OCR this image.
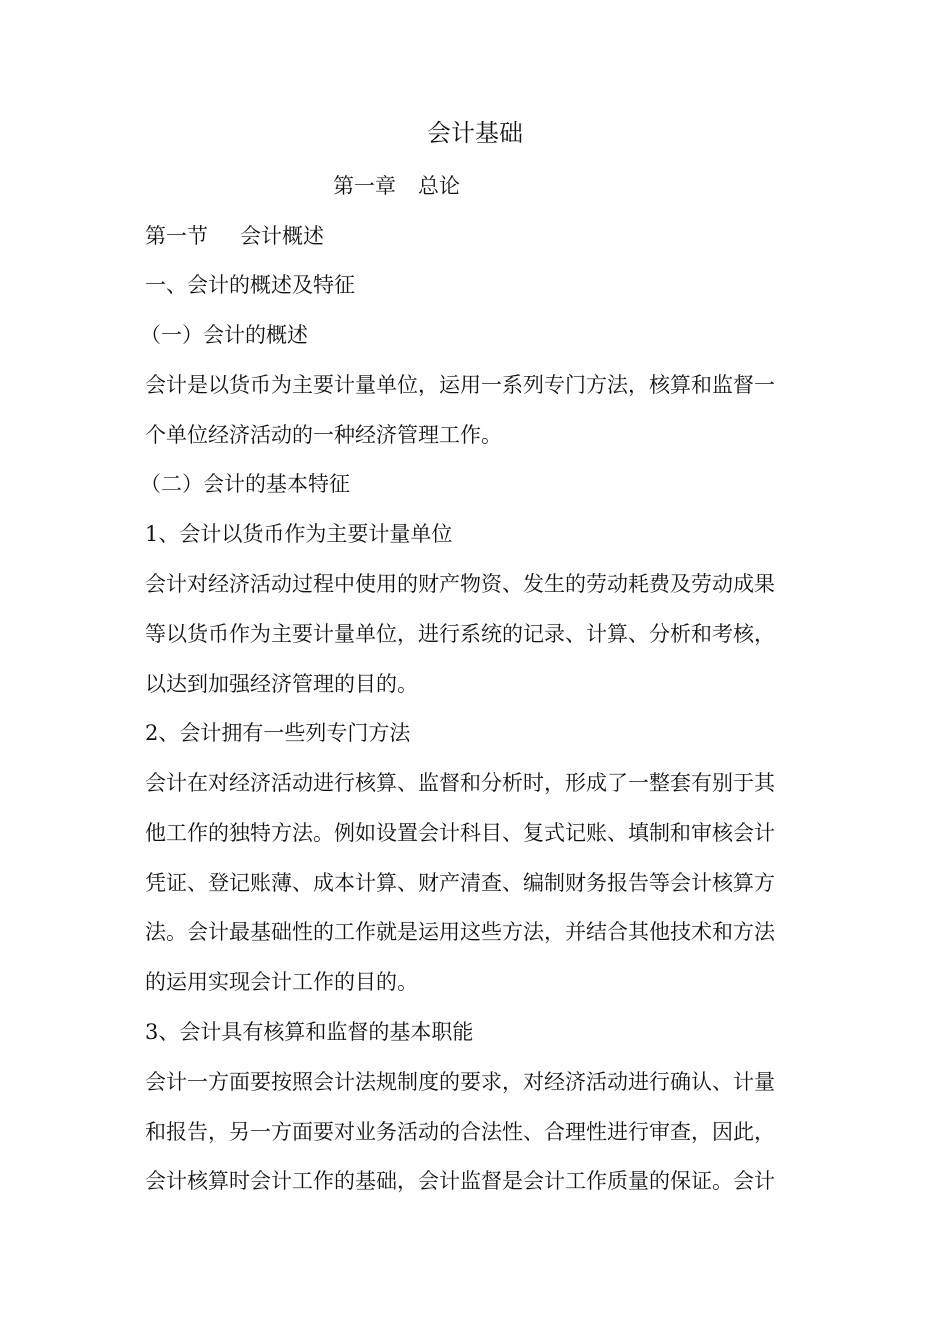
会计基础
第一章 总论
第一节 会计概述
一、会计的概述及特征
（一）会计的概述
会计是以货币为主要计量单位，运用一系列专门方法，核算和监督一
个单位经济活动的一种经济管理工作。
（二）会计的基本特征
1、会计以货币作为主要计量单位
会计对经济活动过程中使用的财产物资、发生的劳动耗费及劳动成果
等以货币作为主要计量单位，进行系统的记录、计算、分析和考核，
以达到加强经济管理的目的。
2、会计拥有一些列专门方法
会计在对经济活动进行核算、监督和分析时，形成了一整套有别于其
他工作的独特方法。例如设置会计科目、复式记账、填制和审核会计
凭证、登记账薄、成本计算、财产清查、编制财务报告等会计核算方
法。会计最基础性的工作就是运用这些方法，并结合其他技术和方法
的运用实现会计工作的目的。
3、会计具有核算和监督的基本职能
会计一方面要按照会计法规制度的要求，对经济活动进行确认、计量
和报告，另一方面要对业务活动的合法性、合理性进行审查，因此，
会计核算时会计工作的基础，会计监督是会计工作质量的保证。会计
